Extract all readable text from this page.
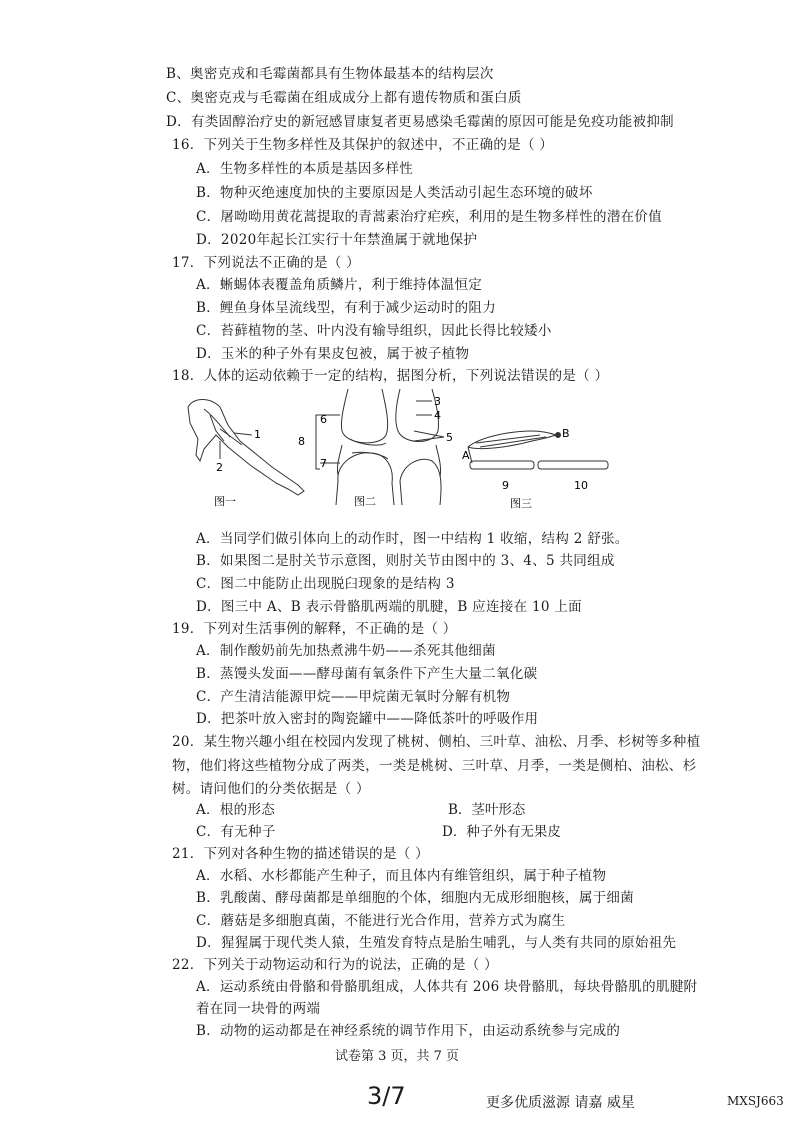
B、奥密克戎和毛霉菌都具有生物体最基本的结构层次
C、奥密克戎与毛霉菌在组成成分上都有遗传物质和蛋白质
D．有类固醇治疗史的新冠感冒康复者更易感染毛霉菌的原因可能是免疫功能被抑制
16．下列关于生物多样性及其保护的叙述中，不正确的是（ ）
A．生物多样性的本质是基因多样性
B．物种灭绝速度加快的主要原因是人类活动引起生态环境的破坏
C．屠呦呦用黄花蒿提取的青蒿素治疗疟疾，利用的是生物多样性的潜在价值
D．2020年起长江实行十年禁渔属于就地保护
17．下列说法不正确的是（ ）
A．蜥蜴体表覆盖角质鳞片，利于维持体温恒定
B．鲤鱼身体呈流线型，有利于减少运动时的阻力
C．苔藓植物的茎、叶内没有输导组织，因此长得比较矮小
D．玉米的种子外有果皮包被，属于被子植物
18．人体的运动依赖于一定的结构，据图分析，下列说法错误的是（ ）
1
2
图一
6
8
7
3
4
5
图二
A
B
9	10
图三
A．当同学们做引体向上的动作时，图一中结构 1 收缩，结构 2 舒张。
B．如果图二是肘关节示意图，则肘关节由图中的 3、4、5 共同组成
C．图二中能防止出现脱臼现象的是结构 3
D．图三中 A、B 表示骨骼肌两端的肌腱，B 应连接在 10 上面
19．下列对生活事例的解释，不正确的是（ ）
A．制作酸奶前先加热煮沸牛奶——杀死其他细菌
B．蒸馒头发面——酵母菌有氧条件下产生大量二氧化碳
C．产生清洁能源甲烷——甲烷菌无氧时分解有机物
D．把茶叶放入密封的陶瓷罐中——降低茶叶的呼吸作用
20．某生物兴趣小组在校园内发现了桃树、侧柏、三叶草、油松、月季、杉树等多种植
物，他们将这些植物分成了两类，一类是桃树、三叶草、月季，一类是侧柏、油松、杉
树。请问他们的分类依据是（ ）
A．根的形态	B．茎叶形态
C．有无种子	D．种子外有无果皮
21．下列对各种生物的描述错误的是（ ）
A．水稻、水杉都能产生种子，而且体内有维管组织，属于种子植物
B．乳酸菌、酵母菌都是单细胞的个体，细胞内无成形细胞核，属于细菌
C．蘑菇是多细胞真菌，不能进行光合作用，营养方式为腐生
D．猩猩属于现代类人猿，生殖发育特点是胎生哺乳，与人类有共同的原始祖先
22．下列关于动物运动和行为的说法，正确的是（ ）
A．运动系统由骨骼和骨骼肌组成，人体共有 206 块骨骼肌，每块骨骼肌的肌腱附
着在同一块骨的两端
B．动物的运动都是在神经系统的调节作用下，由运动系统参与完成的
试卷第 3 页，共 7 页
3/7	更多优质滋源 请嘉 威星	MXSJ663
